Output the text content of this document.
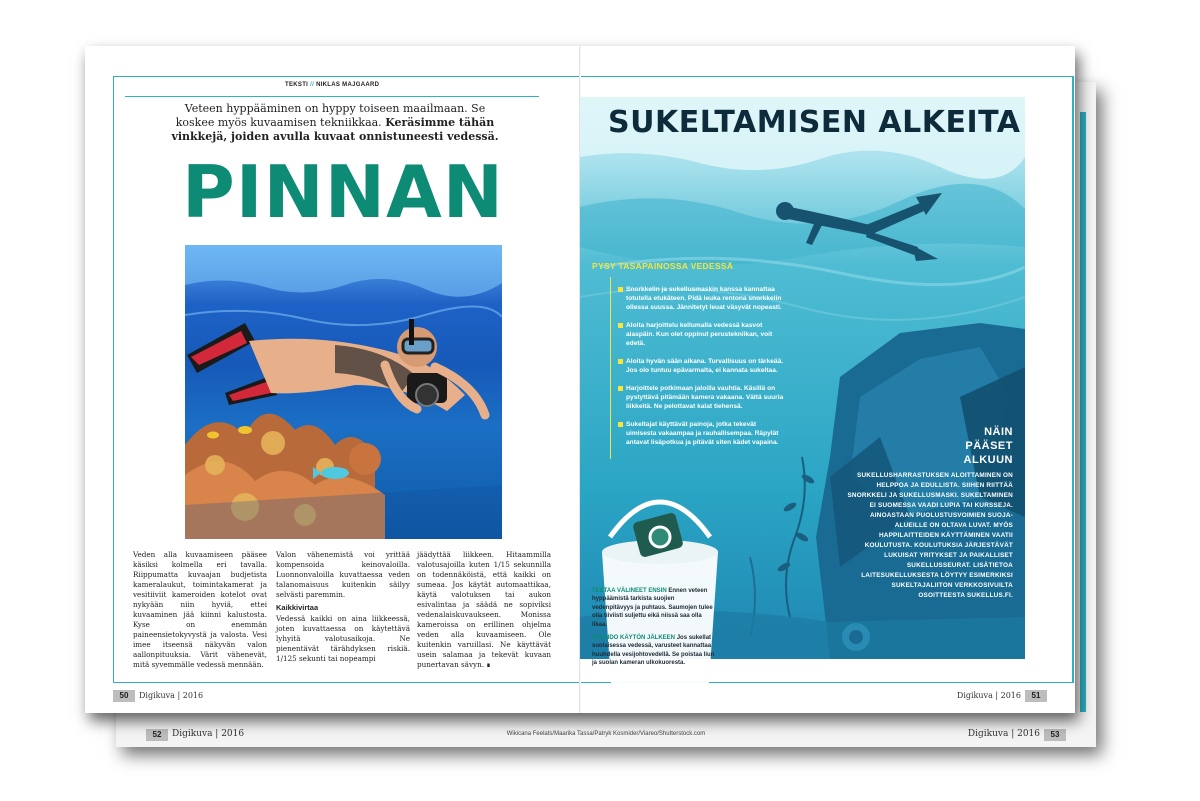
52	Digikuva | 2016	Wikicana Feelats/Maarika Tassa/Patryk Kosmider/Viareo/Shutterstock.com	Digikuva | 2016	53
TEKSTI // NIKLAS MAJGAARD
Veteen hyppääminen on hyppy toiseen maailmaan. Se koskee myös kuvaamisen tekniikkaa. Keräsimme tähän vinkkejä, joiden avulla kuvaat onnistuneesti vedessä.
PINNAN

Veden alla kuvaamiseen pääsee käsiksi kolmella eri tavalla. Riippumatta kuvaajan budjetista kameralaukut, toimintakamerat ja vesitiiviit kameroiden kotelot ovat nykyään niin hyviä, ettei kuvaaminen jää kiinni kalustosta. Kyse on enemmän paineensietokyvystä ja valosta. Vesi imee itseensä näkyvän valon aallonpituuksia. Värit vähenevät, mitä syvemmälle vedessä mennään.

Valon vähenemistä voi yrittää kompensoida keinovaloilla. Luonnonvaloilla kuvattaessa veden talanomaisuus kuitenkin säilyy selvästi paremmin.
Kaikkivirtaa
Vedessä kaikki on aina liikkeessä, joten kuvattaessa on käytettävä lyhyitä valotusaikoja. Ne pienentävät tärähdyksen riskiä. 1/125 sekunti tai nopeampi

jäädyttää liikkeen. Hitaammilla valotusajoilla kuten 1/15 sekunnilla on todennäköistä, että kaikki on sumeaa. Jos käytät automaattikaa, käytä valotuksen tai aukon esivalintaa ja säädä ne sopiviksi vedenalaiskuvaukseen. Monissa kameroissa on erillinen ohjelma veden alla kuvaamiseen. Ole kuitenkin varuillasi. Ne käyttävät usein salamaa ja tekevät kuvaan punertavan sävyn. ∎

50	Digikuva | 2016
SUKELTAMISEN ALKEITA
PYSY TASAPAINOSSA VEDESSÄ
Snorkkelin ja sukellusmaskin kanssa kannattaa totutella etukäteen. Pidä leuka rentona snorkkelin ollessa suussa. Jännitetyt leuat väsyvät nopeasti.
Aloita harjoittelu kellumalla vedessä kasvot alaspäin. Kun olet oppinut perustekniikan, voit edetä.
Aloita hyvän sään aikana. Turvallisuus on tärkeää. Jos olo tuntuu epävarmalta, ei kannata sukeltaa.
Harjoittele potkimaan jaloilla vauhtia. Käsillä on pystyttävä pitämään kamera vakaana. Vältä suuria liikkeitä. Ne pelottavat kalat tiehensä.
Sukeltajat käyttävät painoja, jotka tekevät uimisesta vakaampaa ja rauhallisempaa. Räpylät antavat lisäpotkua ja pitävät siten kädet vapaina.
NÄIN
PÄÄSET
ALKUUN
SUKELLUSHARRASTUKSEN ALOITTAMINEN ON HELPPOA JA EDULLISTA. SIIHEN RIITTÄÄ SNORKKELI JA SUKELLUSMASKI. SUKELTAMINEN EI SUOMESSA VAADI LUPIA TAI KURSSEJA. AINOASTAAN PUOLUSTUSVOIMIEN SUOJA-ALUEILLE ON OLTAVA LUVAT. MYÖS HAPPILAITTEIDEN KÄYTTÄMINEN VAATII KOULUTUSTA. KOULUTUKSIA JÄRJESTÄVÄT LUKUISAT YRITYKSET JA PAIKALLISET SUKELLUSSEURAT. LISÄTIETOA LAITESUKELLUKSESTA LÖYTYY ESIMERKIKSI SUKELTAJALIITON VERKKOSIVUILTA OSOITTEESTA SUKELLUS.FI.

TESTAA VÄLINEET ENSIN Ennen veteen hyppäämistä tarkista suojien vedenpitävyys ja puhtaus. Saumojen tulee olla tiiviisti suljettu eikä niissä saa olla likaa.

HUUHDO KÄYTÖN JÄLKEEN Jos sukellat suolaisessa vedessä, varusteet kannattaa huuhdella vesijohtovedellä. Se poistaa liun ja suolan kameran ulkokuoresta.

Digikuva | 2016	51
